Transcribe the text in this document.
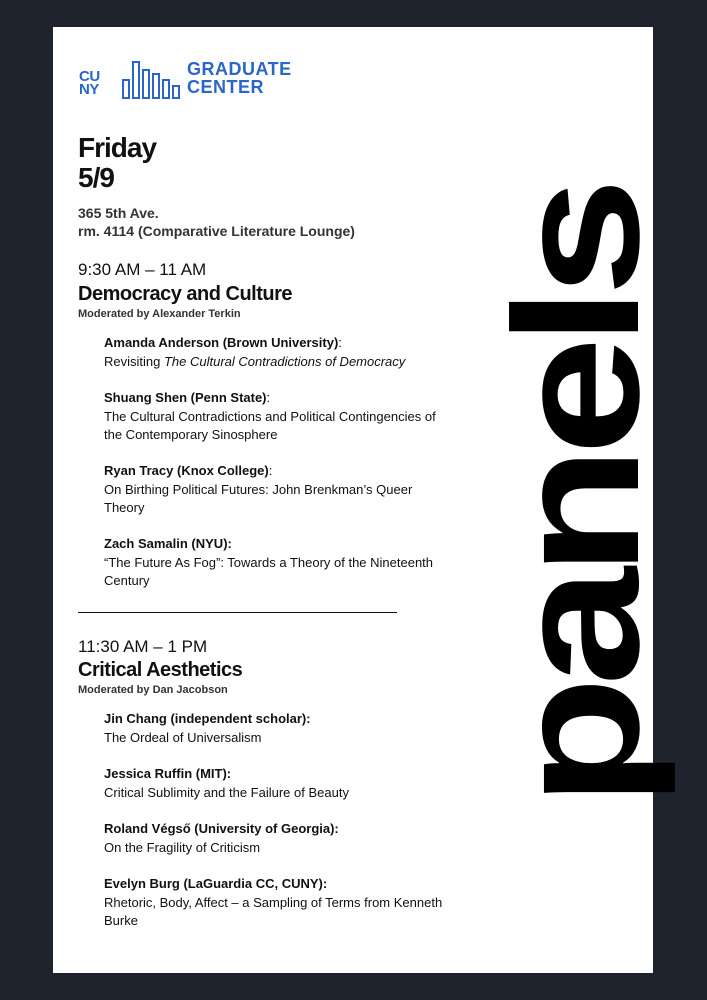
CU
NY
GRADUATE
CENTER
Friday
5/9
365 5th Ave.
rm. 4114 (Comparative Literature Lounge)
9:30 AM – 11 AM
Democracy and Culture
Moderated by Alexander Terkin
Amanda Anderson (Brown University):
Revisiting The Cultural Contradictions of Democracy
Shuang Shen (Penn State):
The Cultural Contradictions and Political Contingencies of the Contemporary Sinosphere
Ryan Tracy (Knox College):
On Birthing Political Futures: John Brenkman’s Queer Theory
Zach Samalin (NYU):
“The Future As Fog”: Towards a Theory of the Nineteenth Century
11:30 AM – 1 PM
Critical Aesthetics
Moderated by Dan Jacobson
Jin Chang (independent scholar):
The Ordeal of Universalism
Jessica Ruffin (MIT):
Critical Sublimity and the Failure of Beauty
Roland Végső (University of Georgia):
On the Fragility of Criticism
Evelyn Burg (LaGuardia CC, CUNY):
Rhetoric, Body, Affect – a Sampling of Terms from Kenneth Burke
panels
